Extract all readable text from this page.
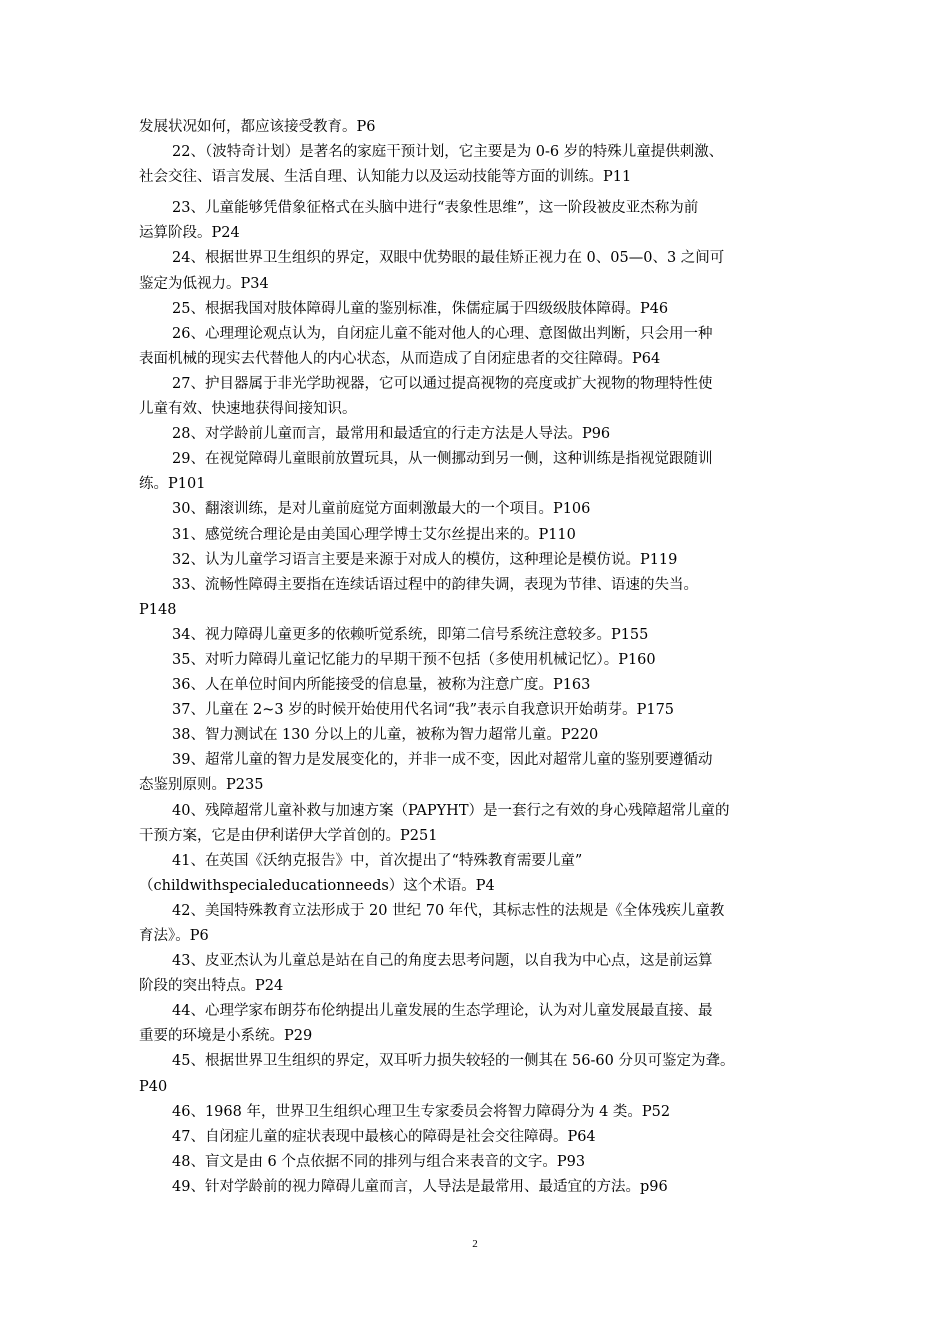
发展状况如何，都应该接受教育。P6
22、（波特奇计划）是著名的家庭干预计划，它主要是为 0-6 岁的特殊儿童提供刺激、
社会交往、语言发展、生活自理、认知能力以及运动技能等方面的训练。P11
23、儿童能够凭借象征格式在头脑中进行“表象性思维”，这一阶段被皮亚杰称为前
运算阶段。P24
24、根据世界卫生组织的界定，双眼中优势眼的最佳矫正视力在 0、05—0、3 之间可
鉴定为低视力。P34
25、根据我国对肢体障碍儿童的鉴别标准，侏儒症属于四级级肢体障碍。P46
26、心理理论观点认为，自闭症儿童不能对他人的心理、意图做出判断，只会用一种
表面机械的现实去代替他人的内心状态，从而造成了自闭症患者的交往障碍。P64
27、护目器属于非光学助视器，它可以通过提高视物的亮度或扩大视物的物理特性使
儿童有效、快速地获得间接知识。
28、对学龄前儿童而言，最常用和最适宜的行走方法是人导法。P96
29、在视觉障碍儿童眼前放置玩具，从一侧挪动到另一侧，这种训练是指视觉跟随训
练。P101
30、翻滚训练，是对儿童前庭觉方面刺激最大的一个项目。P106
31、感觉统合理论是由美国心理学博士艾尔丝提出来的。P110
32、认为儿童学习语言主要是来源于对成人的模仿，这种理论是模仿说。P119
33、流畅性障碍主要指在连续话语过程中的韵律失调，表现为节律、语速的失当。
P148
34、视力障碍儿童更多的依赖听觉系统，即第二信号系统注意较多。P155
35、对听力障碍儿童记忆能力的早期干预不包括（多使用机械记忆）。P160
36、人在单位时间内所能接受的信息量，被称为注意广度。P163
37、儿童在 2~3 岁的时候开始使用代名词“我”表示自我意识开始萌芽。P175
38、智力测试在 130 分以上的儿童，被称为智力超常儿童。P220
39、超常儿童的智力是发展变化的，并非一成不变，因此对超常儿童的鉴别要遵循动
态鉴别原则。P235
40、残障超常儿童补救与加速方案（PAPYHT）是一套行之有效的身心残障超常儿童的
干预方案，它是由伊利诺伊大学首创的。P251
41、在英国《沃纳克报告》中，首次提出了“特殊教育需要儿童”
（childwithspecialeducationneeds）这个术语。P4
42、美国特殊教育立法形成于 20 世纪 70 年代，其标志性的法规是《全体残疾儿童教
育法》。P6
43、皮亚杰认为儿童总是站在自己的角度去思考问题，以自我为中心点，这是前运算
阶段的突出特点。P24
44、心理学家布朗芬布伦纳提出儿童发展的生态学理论，认为对儿童发展最直接、最
重要的环境是小系统。P29
45、根据世界卫生组织的界定，双耳听力损失较轻的一侧其在 56-60 分贝可鉴定为聋。
P40
46、1968 年，世界卫生组织心理卫生专家委员会将智力障碍分为 4 类。P52
47、自闭症儿童的症状表现中最核心的障碍是社会交往障碍。P64
48、盲文是由 6 个点依据不同的排列与组合来表音的文字。P93
49、针对学龄前的视力障碍儿童而言，人导法是最常用、最适宜的方法。p96
2
